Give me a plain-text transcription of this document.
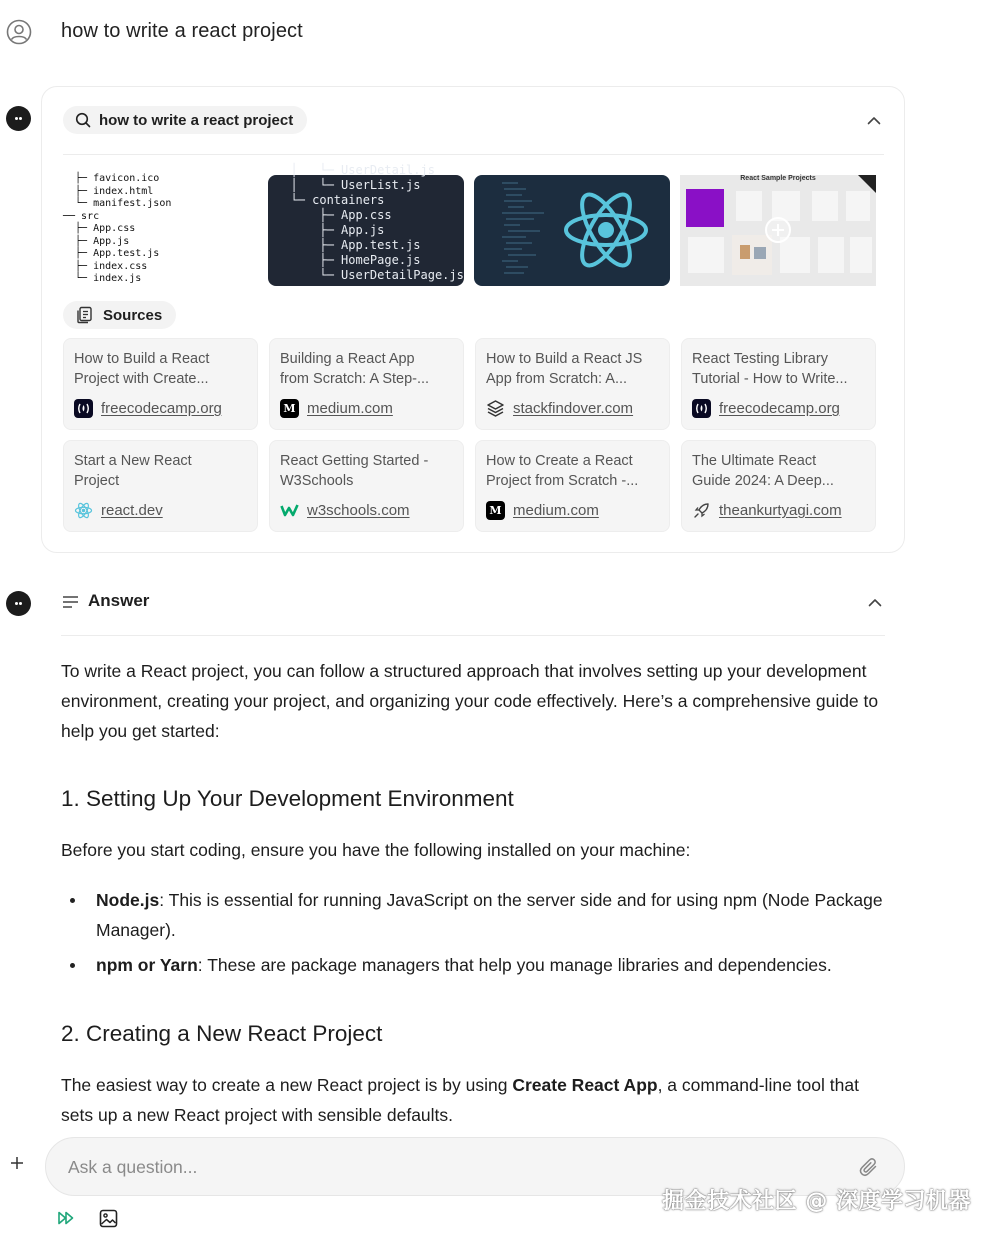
how to write a react project
how to write a react project
├─ favicon.ico
├─ index.html
└─ manifest.json
── src
├─ App.css
├─ App.js
├─ App.test.js
├─ index.css
└─ index.js
│   └─ UserDetail.js
│   └─ UserList.js
└─ containers
├─ App.css
├─ App.js
├─ App.test.js
├─ HomePage.js
└─ UserDetailPage.js
React Sample Projects
Sources
How to Build a React
Project with Create...
freecodecamp.org
Building a React App
from Scratch: A Step-...
M medium.com
How to Build a React JS
App from Scratch: A...
stackfindover.com
React Testing Library
Tutorial - How to Write...
freecodecamp.org
Start a New React
Project
react.dev
React Getting Started -
W3Schools
w3schools.com
How to Create a React
Project from Scratch -...
M medium.com
The Ultimate React
Guide 2024: A Deep...
theankurtyagi.com
Answer

To write a React project, you can follow a structured approach that involves setting up your development environment, creating your project, and organizing your code effectively. Here’s a comprehensive guide to help you get started:

1. Setting Up Your Development Environment

Before you start coding, ensure you have the following installed on your machine:

Node.js: This is essential for running JavaScript on the server side and for using npm (Node Package Manager).
npm or Yarn: These are package managers that help you manage libraries and dependencies.
2. Creating a New React Project

The easiest way to create a new React project is by using Create React App, a command-line tool that sets up a new React project with sensible defaults.

Ask a question...
掘金技术社区 @ 深度学习机器
